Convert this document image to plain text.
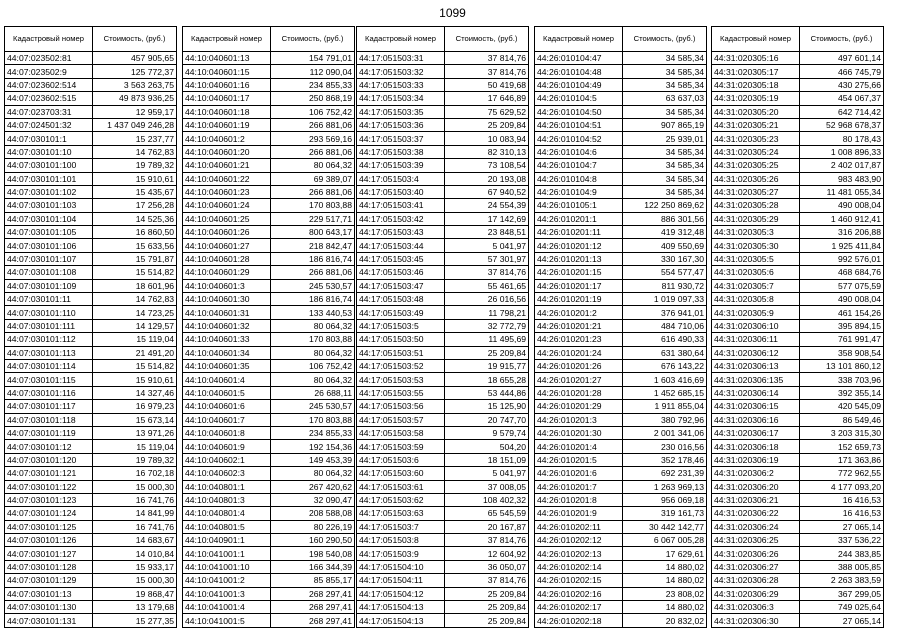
1099
Кадастровый номер	Стоимость, (руб.)
44:07:023502:81	457 905,65
44:07:023502:9	125 772,37
44:07:023602:514	3 563 263,75
44:07:023602:515	49 873 936,25
44:07:023703:31	12 959,17
44:07:024501:32	1 437 049 246,28
44:07:030101:1	15 237,77
44:07:030101:10	14 762,83
44:07:030101:100	19 789,32
44:07:030101:101	15 910,61
44:07:030101:102	15 435,67
44:07:030101:103	17 256,28
44:07:030101:104	14 525,36
44:07:030101:105	16 860,50
44:07:030101:106	15 633,56
44:07:030101:107	15 791,87
44:07:030101:108	15 514,82
44:07:030101:109	18 601,96
44:07:030101:11	14 762,83
44:07:030101:110	14 723,25
44:07:030101:111	14 129,57
44:07:030101:112	15 119,04
44:07:030101:113	21 491,20
44:07:030101:114	15 514,82
44:07:030101:115	15 910,61
44:07:030101:116	14 327,46
44:07:030101:117	16 979,23
44:07:030101:118	15 673,14
44:07:030101:119	13 971,26
44:07:030101:12	15 119,04
44:07:030101:120	19 789,32
44:07:030101:121	16 702,18
44:07:030101:122	15 000,30
44:07:030101:123	16 741,76
44:07:030101:124	14 841,99
44:07:030101:125	16 741,76
44:07:030101:126	14 683,67
44:07:030101:127	14 010,84
44:07:030101:128	15 933,17
44:07:030101:129	15 000,30
44:07:030101:13	19 868,47
44:07:030101:130	13 179,68
44:07:030101:131	15 277,35
Кадастровый номер	Стоимость, (руб.)
44:10:040601:13	154 791,01
44:10:040601:15	112 090,04
44:10:040601:16	234 855,33
44:10:040601:17	250 868,19
44:10:040601:18	106 752,42
44:10:040601:19	266 881,06
44:10:040601:2	293 569,16
44:10:040601:20	266 881,06
44:10:040601:21	80 064,32
44:10:040601:22	69 389,07
44:10:040601:23	266 881,06
44:10:040601:24	170 803,88
44:10:040601:25	229 517,71
44:10:040601:26	800 643,17
44:10:040601:27	218 842,47
44:10:040601:28	186 816,74
44:10:040601:29	266 881,06
44:10:040601:3	245 530,57
44:10:040601:30	186 816,74
44:10:040601:31	133 440,53
44:10:040601:32	80 064,32
44:10:040601:33	170 803,88
44:10:040601:34	80 064,32
44:10:040601:35	106 752,42
44:10:040601:4	80 064,32
44:10:040601:5	26 688,11
44:10:040601:6	245 530,57
44:10:040601:7	170 803,88
44:10:040601:8	234 855,33
44:10:040601:9	192 154,36
44:10:040602:1	149 453,39
44:10:040602:3	80 064,32
44:10:040801:1	267 420,62
44:10:040801:3	32 090,47
44:10:040801:4	208 588,08
44:10:040801:5	80 226,19
44:10:040901:1	160 290,50
44:10:041001:1	198 540,08
44:10:041001:10	166 344,39
44:10:041001:2	85 855,17
44:10:041001:3	268 297,41
44:10:041001:4	268 297,41
44:10:041001:5	268 297,41
Кадастровый номер	Стоимость, (руб.)
44:17:051503:31	37 814,76
44:17:051503:32	37 814,76
44:17:051503:33	50 419,68
44:17:051503:34	17 646,89
44:17:051503:35	75 629,52
44:17:051503:36	25 209,84
44:17:051503:37	10 083,94
44:17:051503:38	82 310,13
44:17:051503:39	73 108,54
44:17:051503:4	20 193,08
44:17:051503:40	67 940,52
44:17:051503:41	24 554,39
44:17:051503:42	17 142,69
44:17:051503:43	23 848,51
44:17:051503:44	5 041,97
44:17:051503:45	57 301,97
44:17:051503:46	37 814,76
44:17:051503:47	55 461,65
44:17:051503:48	26 016,56
44:17:051503:49	11 798,21
44:17:051503:5	32 772,79
44:17:051503:50	11 495,69
44:17:051503:51	25 209,84
44:17:051503:52	19 915,77
44:17:051503:53	18 655,28
44:17:051503:55	53 444,86
44:17:051503:56	15 125,90
44:17:051503:57	20 747,70
44:17:051503:58	9 579,74
44:17:051503:59	504,20
44:17:051503:6	18 151,09
44:17:051503:60	5 041,97
44:17:051503:61	37 008,05
44:17:051503:62	108 402,32
44:17:051503:63	65 545,59
44:17:051503:7	20 167,87
44:17:051503:8	37 814,76
44:17:051503:9	12 604,92
44:17:051504:10	36 050,07
44:17:051504:11	37 814,76
44:17:051504:12	25 209,84
44:17:051504:13	25 209,84
44:17:051504:13	25 209,84
Кадастровый номер	Стоимость, (руб.)
44:26:010104:47	34 585,34
44:26:010104:48	34 585,34
44:26:010104:49	34 585,34
44:26:010104:5	63 637,03
44:26:010104:50	34 585,34
44:26:010104:51	907 865,19
44:26:010104:52	25 939,01
44:26:010104:6	34 585,34
44:26:010104:7	34 585,34
44:26:010104:8	34 585,34
44:26:010104:9	34 585,34
44:26:010105:1	122 250 869,62
44:26:010201:1	886 301,56
44:26:010201:11	419 312,48
44:26:010201:12	409 550,69
44:26:010201:13	330 167,30
44:26:010201:15	554 577,47
44:26:010201:17	811 930,72
44:26:010201:19	1 019 097,33
44:26:010201:2	376 941,01
44:26:010201:21	484 710,06
44:26:010201:23	616 490,33
44:26:010201:24	631 380,64
44:26:010201:26	676 143,22
44:26:010201:27	1 603 416,69
44:26:010201:28	1 452 685,15
44:26:010201:29	1 911 855,04
44:26:010201:3	380 792,96
44:26:010201:30	2 001 341,06
44:26:010201:4	230 016,56
44:26:010201:5	352 178,46
44:26:010201:6	692 231,39
44:26:010201:7	1 263 969,13
44:26:010201:8	956 069,18
44:26:010201:9	319 161,73
44:26:010202:11	30 442 142,77
44:26:010202:12	6 067 005,28
44:26:010202:13	17 629,61
44:26:010202:14	14 880,02
44:26:010202:15	14 880,02
44:26:010202:16	23 808,02
44:26:010202:17	14 880,02
44:26:010202:18	20 832,02
Кадастровый номер	Стоимость, (руб.)
44:31:020305:16	497 601,14
44:31:020305:17	466 745,79
44:31:020305:18	430 275,66
44:31:020305:19	454 067,37
44:31:020305:20	642 714,42
44:31:020305:21	52 968 678,37
44:31:020305:23	80 178,43
44:31:020305:24	1 008 896,33
44:31:020305:25	2 402 017,87
44:31:020305:26	983 483,90
44:31:020305:27	11 481 055,34
44:31:020305:28	490 008,04
44:31:020305:29	1 460 912,41
44:31:020305:3	316 206,88
44:31:020305:30	1 925 411,84
44:31:020305:5	992 576,01
44:31:020305:6	468 684,76
44:31:020305:7	577 075,59
44:31:020305:8	490 008,04
44:31:020305:9	461 154,26
44:31:020306:10	395 894,15
44:31:020306:11	761 991,47
44:31:020306:12	358 908,54
44:31:020306:13	13 101 860,12
44:31:020306:135	338 703,96
44:31:020306:14	392 355,14
44:31:020306:15	420 545,09
44:31:020306:16	86 549,46
44:31:020306:17	3 203 315,30
44:31:020306:18	152 659,73
44:31:020306:19	171 363,86
44:31:020306:2	772 962,55
44:31:020306:20	4 177 093,20
44:31:020306:21	16 416,53
44:31:020306:22	16 416,53
44:31:020306:24	27 065,14
44:31:020306:25	337 536,22
44:31:020306:26	244 383,85
44:31:020306:27	388 005,85
44:31:020306:28	2 263 383,59
44:31:020306:29	367 299,05
44:31:020306:3	749 025,64
44:31:020306:30	27 065,14
